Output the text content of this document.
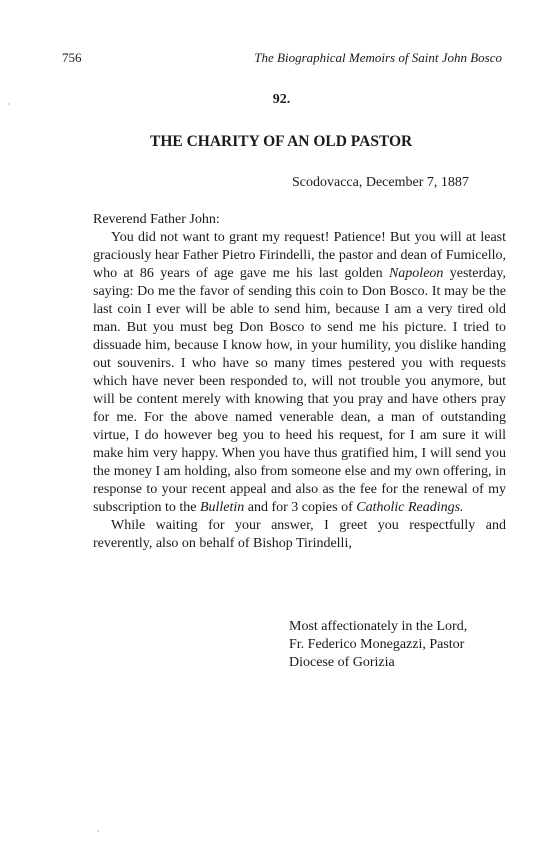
756	The Biographical Memoirs of Saint John Bosco
92.
THE CHARITY OF AN OLD PASTOR
Scodovacca, December 7, 1887

Reverend Father John:

You did not want to grant my request! Patience! But you will at least graciously hear Father Pietro Firindelli, the pastor and dean of Fumicello, who at 86 years of age gave me his last golden Napoleon yesterday, saying: Do me the favor of sending this coin to Don Bosco. It may be the last coin I ever will be able to send him, because I am a very tired old man. But you must beg Don Bosco to send me his picture. I tried to dissuade him, because I know how, in your humility, you dislike handing out souvenirs. I who have so many times pestered you with requests which have never been responded to, will not trouble you anymore, but will be content merely with knowing that you pray and have others pray for me. For the above named venerable dean, a man of outstanding virtue, I do however beg you to heed his request, for I am sure it will make him very happy. When you have thus gratified him, I will send you the money I am holding, also from someone else and my own offering, in response to your recent appeal and also as the fee for the renewal of my subscription to the Bulletin and for 3 copies of Catholic Readings.

While waiting for your answer, I greet you respectfully and reverently, also on behalf of Bishop Tirindelli,

Most affectionately in the Lord,
Fr. Federico Monegazzi, Pastor
Diocese of Gorizia
